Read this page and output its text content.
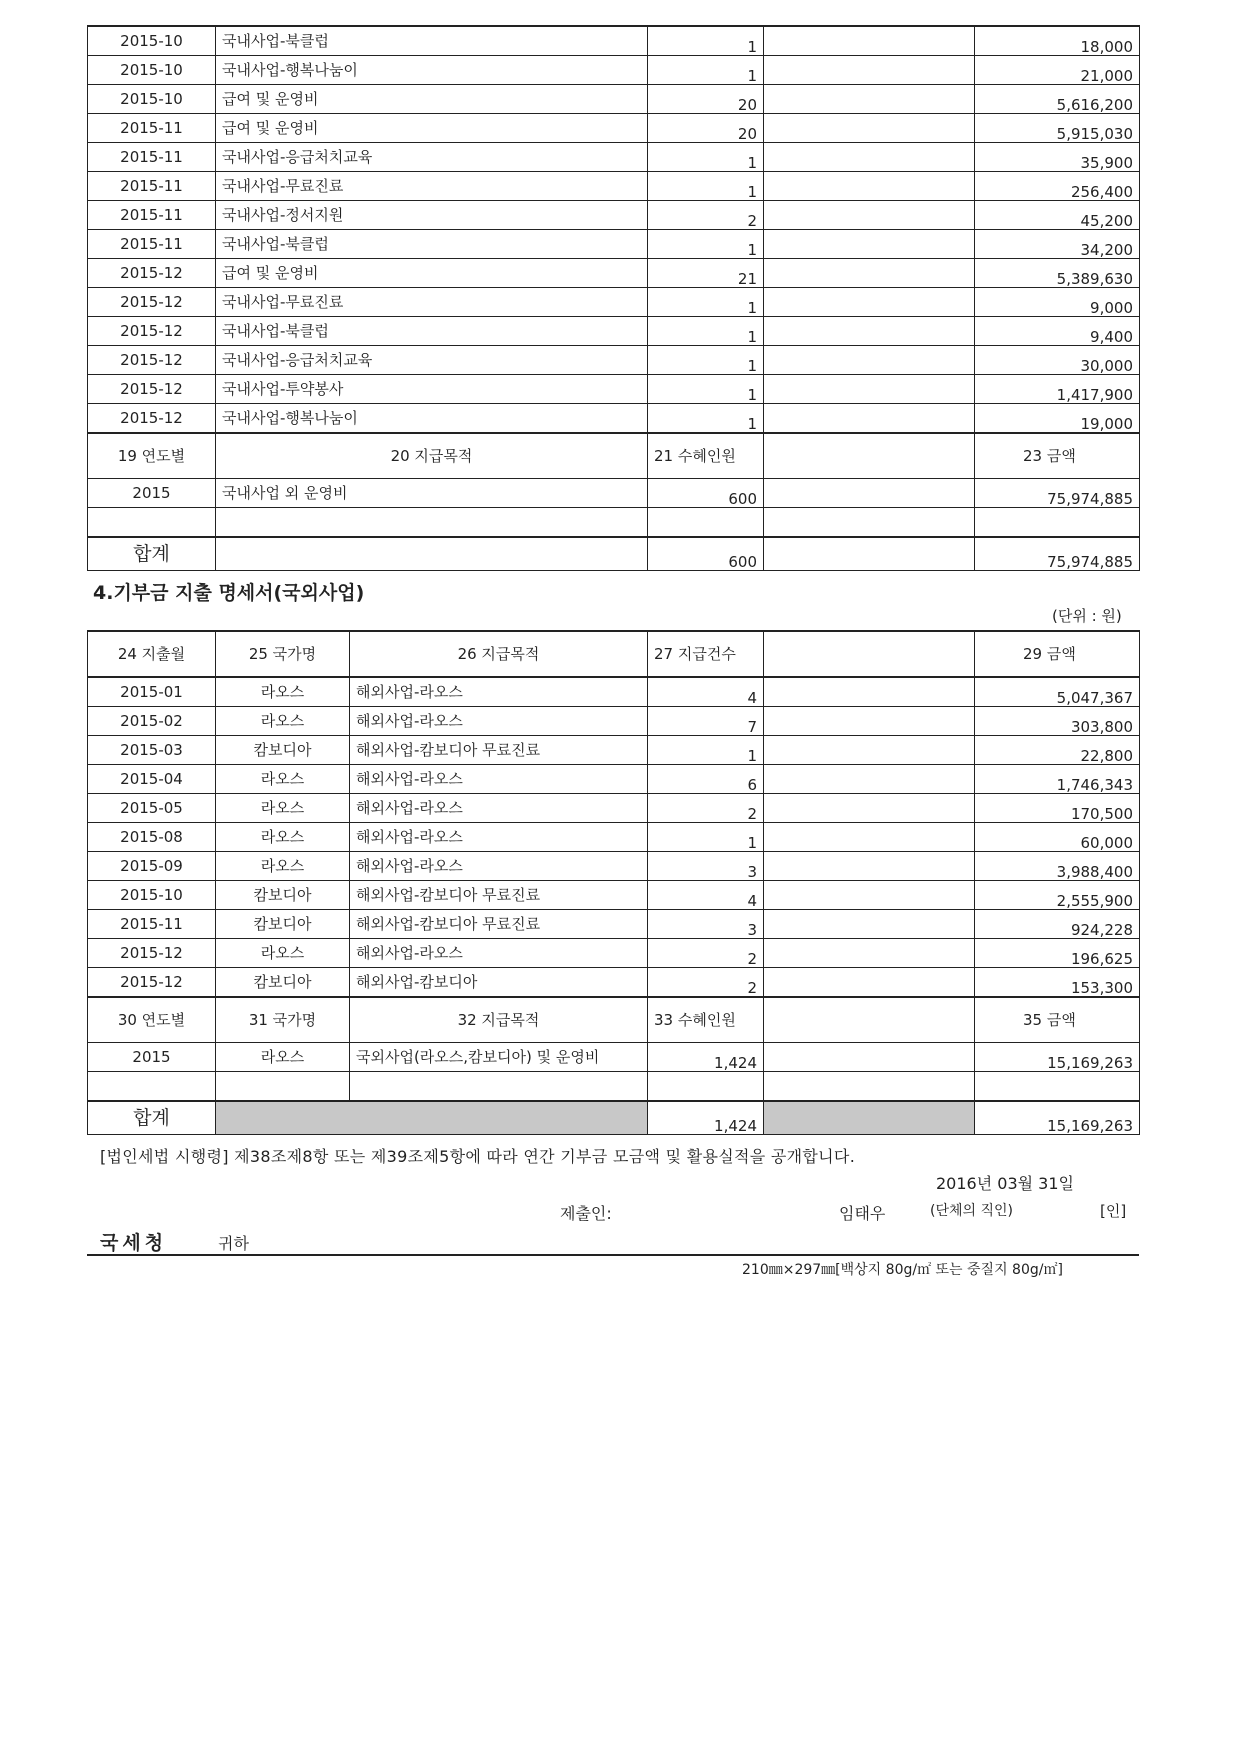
2015-10	국내사업-북클럽	1		18,000
2015-10	국내사업-행복나눔이	1		21,000
2015-10	급여 및 운영비	20		5,616,200
2015-11	급여 및 운영비	20		5,915,030
2015-11	국내사업-응급처치교육	1		35,900
2015-11	국내사업-무료진료	1		256,400
2015-11	국내사업-정서지원	2		45,200
2015-11	국내사업-북클럽	1		34,200
2015-12	급여 및 운영비	21		5,389,630
2015-12	국내사업-무료진료	1		9,000
2015-12	국내사업-북클럽	1		9,400
2015-12	국내사업-응급처치교육	1		30,000
2015-12	국내사업-투약봉사	1		1,417,900
2015-12	국내사업-행복나눔이	1		19,000
19 연도별	20 지급목적	21 수혜인원		23 금액
2015	국내사업 외 운영비	600		75,974,885

합계		600		75,974,885
4.기부금 지출 명세서(국외사업)
(단위 : 원)
24 지출월	25 국가명	26 지급목적	27 지급건수		29 금액
2015-01	라오스	해외사업-라오스	4		5,047,367
2015-02	라오스	해외사업-라오스	7		303,800
2015-03	캄보디아	해외사업-캄보디아 무료진료	1		22,800
2015-04	라오스	해외사업-라오스	6		1,746,343
2015-05	라오스	해외사업-라오스	2		170,500
2015-08	라오스	해외사업-라오스	1		60,000
2015-09	라오스	해외사업-라오스	3		3,988,400
2015-10	캄보디아	해외사업-캄보디아 무료진료	4		2,555,900
2015-11	캄보디아	해외사업-캄보디아 무료진료	3		924,228
2015-12	라오스	해외사업-라오스	2		196,625
2015-12	캄보디아	해외사업-캄보디아	2		153,300
30 연도별	31 국가명	32 지급목적	33 수혜인원		35 금액
2015	라오스	국외사업(라오스,캄보디아) 및 운영비	1,424		15,169,263

합계			1,424		15,169,263
[법인세법 시행령] 제38조제8항 또는 제39조제5항에 따라 연간 기부금 모금액 및 활용실적을 공개합니다.
2016년 03월 31일
제출인:	임태우	(단체의 직인)	[인]
국세청	귀하
210㎜×297㎜[백상지 80g/㎡ 또는 중질지 80g/㎡]
